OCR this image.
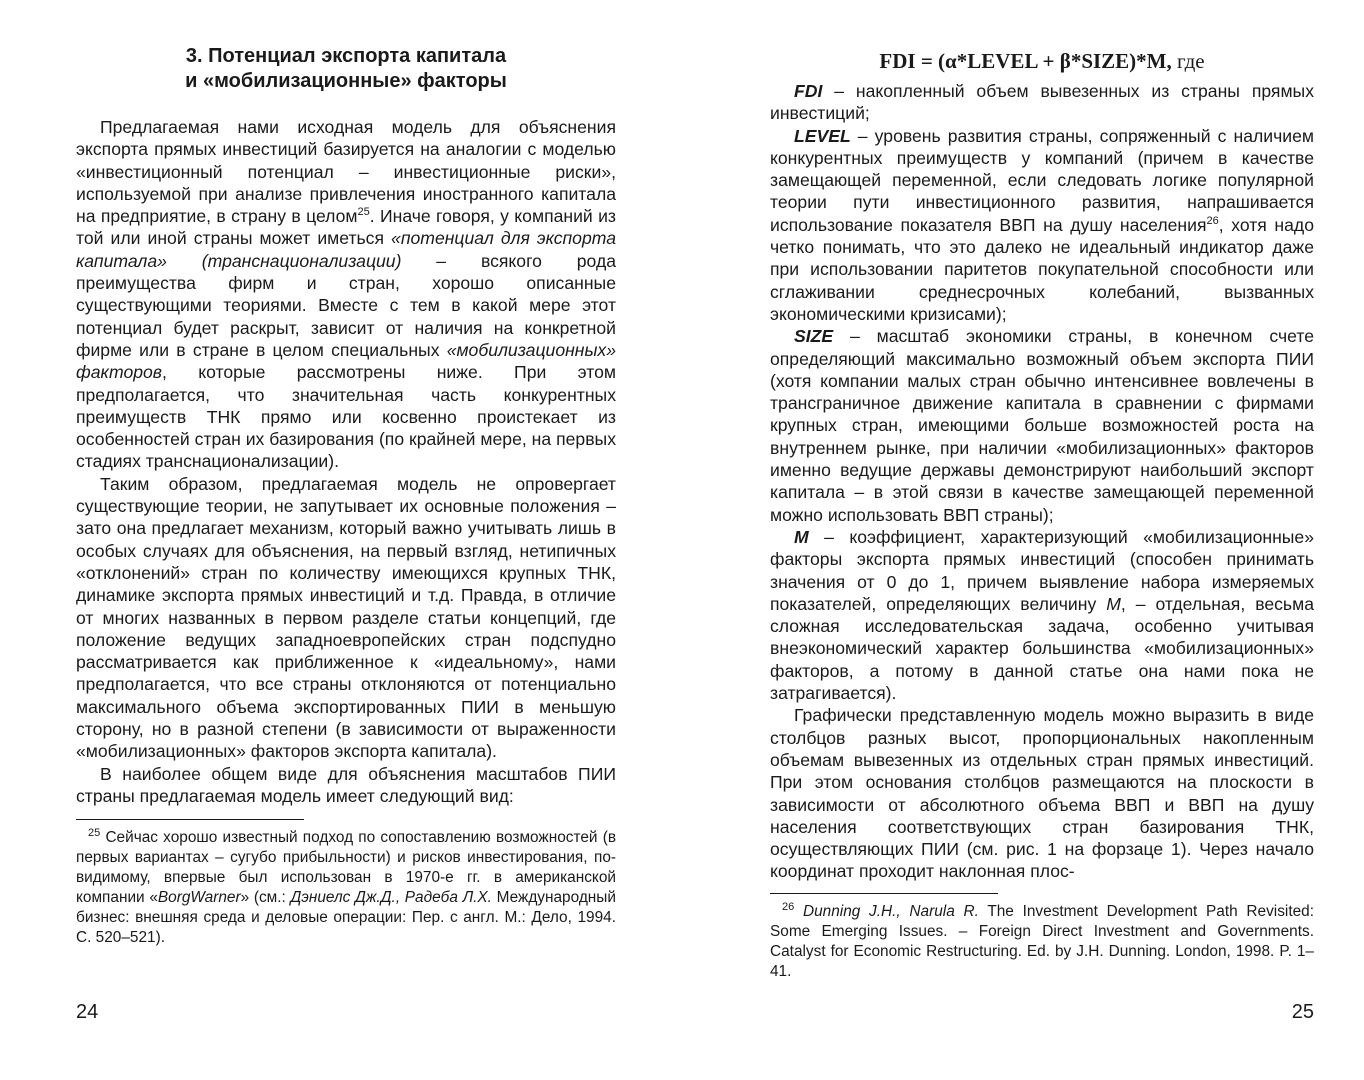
3. Потенциал экспорта капитала
и «мобилизационные» факторы

Предлагаемая нами исходная модель для объяснения экспорта прямых инвестиций базируется на аналогии с моделью «инвестиционный потенциал – инвестиционные риски», используемой при анализе привлечения иностранного капитала на предприятие, в страну в целом$^{25}$. Иначе говоря, у компаний из той или иной страны может иметься «потенциал для экспорта капитала» (транснационализации) – всякого рода преимущества фирм и стран, хорошо описанные существующими теориями. Вместе с тем в какой мере этот потенциал будет раскрыт, зависит от наличия на конкретной фирме или в стране в целом специальных «мобилизационных» факторов, которые рассмотрены ниже. При этом предполагается, что значительная часть конкурентных преимуществ ТНК прямо или косвенно проистекает из особенностей стран их базирования (по крайней мере, на первых стадиях транснационализации).

Таким образом, предлагаемая модель не опровергает существующие теории, не запутывает их основные положения – зато она предлагает механизм, который важно учитывать лишь в особых случаях для объяснения, на первый взгляд, нетипичных «отклонений» стран по количеству имеющихся крупных ТНК, динамике экспорта прямых инвестиций и т.д. Правда, в отличие от многих названных в первом разделе статьи концепций, где положение ведущих западноевропейских стран подспудно рассматривается как приближенное к «идеальному», нами предполагается, что все страны отклоняются от потенциально максимального объема экспортированных ПИИ в меньшую сторону, но в разной степени (в зависимости от выраженности «мобилизационных» факторов экспорта капитала).

В наиболее общем виде для объяснения масштабов ПИИ страны предлагаемая модель имеет следующий вид:

$^{25}$ Сейчас хорошо известный подход по сопоставлению возможностей (в первых вариантах – сугубо прибыльности) и рисков инвестирования, по-видимому, впервые был использован в 1970-е гг. в американской компании «BorgWarner» (см.: Дэниелс Дж.Д., Радеба Л.Х. Международный бизнес: внешняя среда и деловые операции: Пер. с англ. М.: Дело, 1994. С. 520–521).

24
FDI = (α*LEVEL + β*SIZE)*M, где

FDI – накопленный объем вывезенных из страны прямых инвестиций;

LEVEL – уровень развития страны, сопряженный с наличием конкурентных преимуществ у компаний (причем в качестве замещающей переменной, если следовать логике популярной теории пути инвестиционного развития, напрашивается использование показателя ВВП на душу населения$^{26}$, хотя надо четко понимать, что это далеко не идеальный индикатор даже при использовании паритетов покупательной способности или сглаживании среднесрочных колебаний, вызванных экономическими кризисами);

SIZE – масштаб экономики страны, в конечном счете определяющий максимально возможный объем экспорта ПИИ (хотя компании малых стран обычно интенсивнее вовлечены в трансграничное движение капитала в сравнении с фирмами крупных стран, имеющими больше возможностей роста на внутреннем рынке, при наличии «мобилизационных» факторов именно ведущие державы демонстрируют наибольший экспорт капитала – в этой связи в качестве замещающей переменной можно использовать ВВП страны);

M – коэффициент, характеризующий «мобилизационные» факторы экспорта прямых инвестиций (способен принимать значения от 0 до 1, причем выявление набора измеряемых показателей, определяющих величину M, – отдельная, весьма сложная исследовательская задача, особенно учитывая внеэкономический характер большинства «мобилизационных» факторов, а потому в данной статье она нами пока не затрагивается).

Графически представленную модель можно выразить в виде столбцов разных высот, пропорциональных накопленным объемам вывезенных из отдельных стран прямых инвестиций. При этом основания столбцов размещаются на плоскости в зависимости от абсолютного объема ВВП и ВВП на душу населения соответствующих стран базирования ТНК, осуществляющих ПИИ (см. рис. 1 на форзаце 1). Через начало координат проходит наклонная плос-

$^{26}$ Dunning J.H., Narula R. The Investment Development Path Revisited: Some Emerging Issues. – Foreign Direct Investment and Governments. Catalyst for Economic Restructuring. Ed. by J.H. Dunning. London, 1998. P. 1–41.

25
